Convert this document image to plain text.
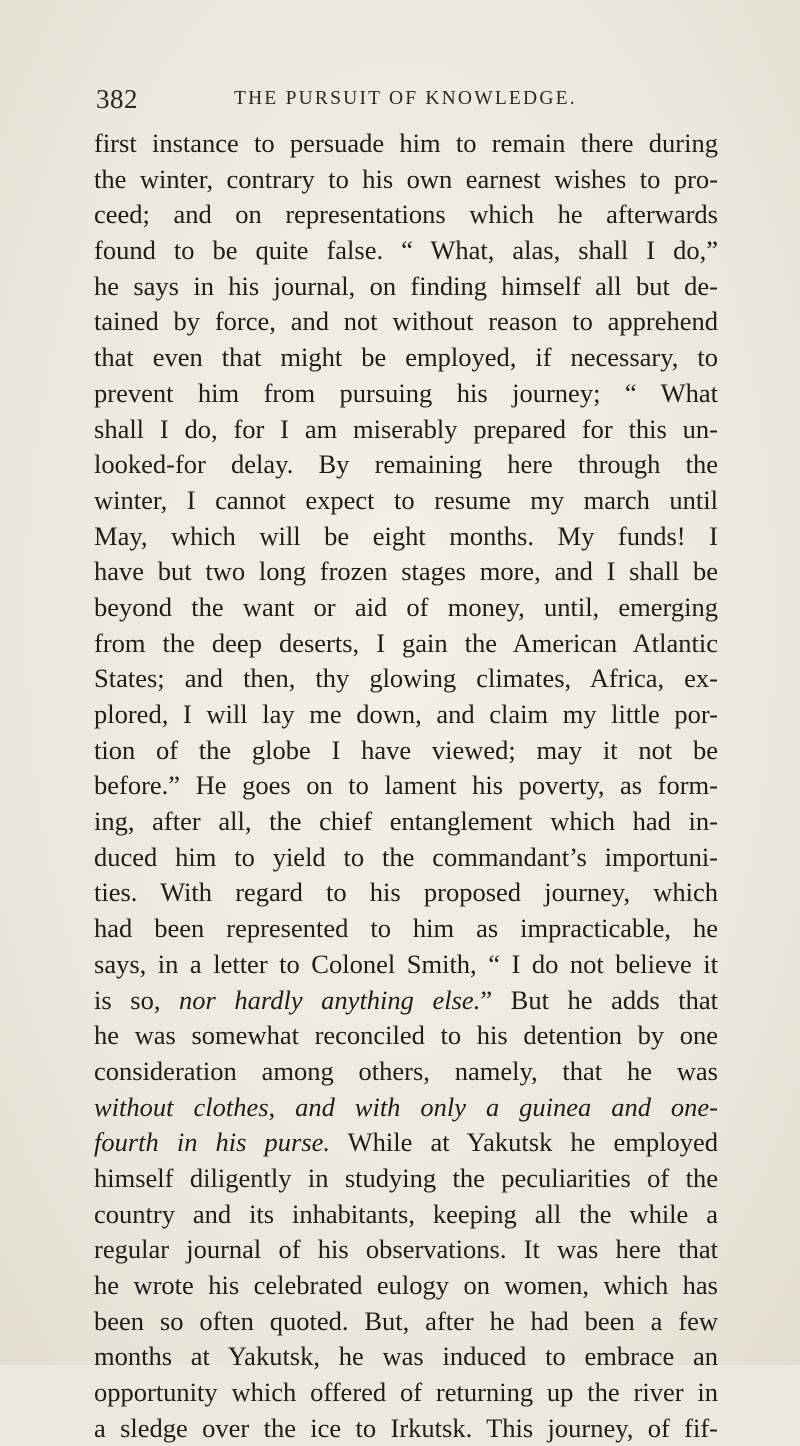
382	THE PURSUIT OF KNOWLEDGE.
first instance to persuade him to remain there during
the winter, contrary to his own earnest wishes to pro-
ceed; and on representations which he afterwards
found to be quite false. “ What, alas, shall I do,”
he says in his journal, on finding himself all but de-
tained by force, and not without reason to apprehend
that even that might be employed, if necessary, to
prevent him from pursuing his journey; “ What
shall I do, for I am miserably prepared for this un-
looked-for delay. By remaining here through the
winter, I cannot expect to resume my march until
May, which will be eight months. My funds! I
have but two long frozen stages more, and I shall be
beyond the want or aid of money, until, emerging
from the deep deserts, I gain the American Atlantic
States; and then, thy glowing climates, Africa, ex-
plored, I will lay me down, and claim my little por-
tion of the globe I have viewed; may it not be
before.” He goes on to lament his poverty, as form-
ing, after all, the chief entanglement which had in-
duced him to yield to the commandant’s importuni-
ties. With regard to his proposed journey, which
had been represented to him as impracticable, he
says, in a letter to Colonel Smith, “ I do not believe it
is so, nor hardly anything else.” But he adds that
he was somewhat reconciled to his detention by one
consideration among others, namely, that he was
without clothes, and with only a guinea and one-
fourth in his purse. While at Yakutsk he employed
himself diligently in studying the peculiarities of the
country and its inhabitants, keeping all the while a
regular journal of his observations. It was here that
he wrote his celebrated eulogy on women, which has
been so often quoted. But, after he had been a few
months at Yakutsk, he was induced to embrace an
opportunity which offered of returning up the river in
a sledge over the ice to Irkutsk. This journey, of fif-
